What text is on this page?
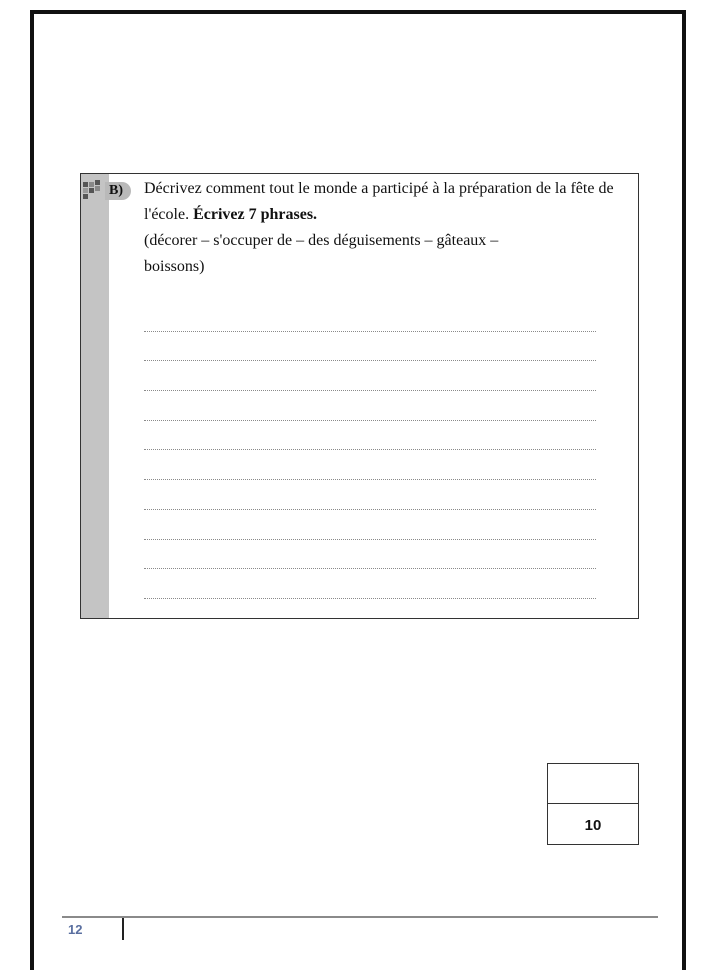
B)	Décrivez comment tout le monde a participé à la préparation de la fête de l'école. Écrivez 7 phrases.
(décorer – s'occuper de – des déguisements – gâteaux –
boissons)
10
12
